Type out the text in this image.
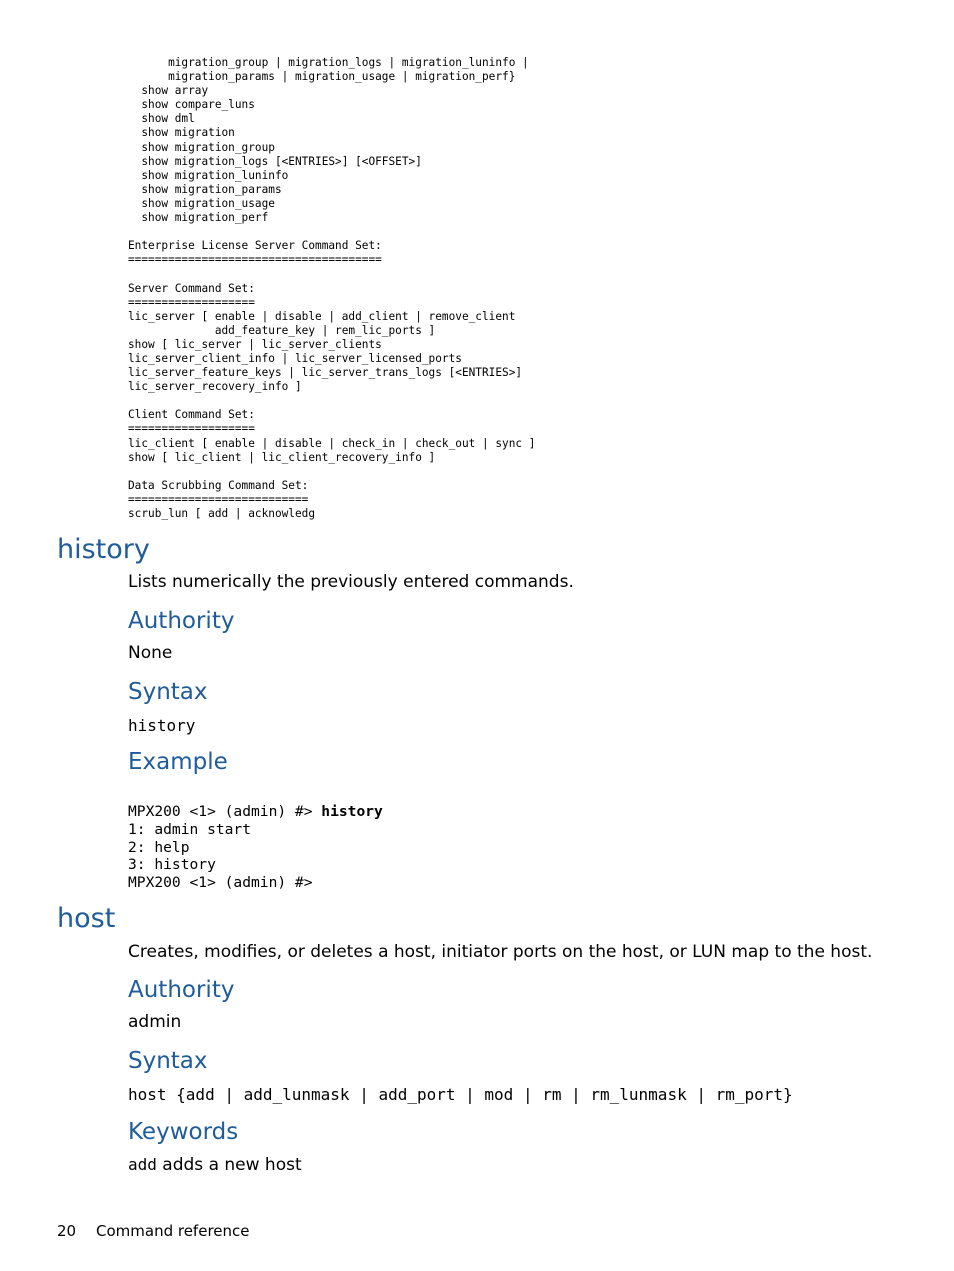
migration_group | migration_logs | migration_luninfo |
migration_params | migration_usage | migration_perf}
show array
show compare_luns
show dml
show migration
show migration_group
show migration_logs [<ENTRIES>] [<OFFSET>]
show migration_luninfo
show migration_params
show migration_usage
show migration_perf

Enterprise License Server Command Set:
======================================

Server Command Set:
===================
lic_server [ enable | disable | add_client | remove_client
add_feature_key | rem_lic_ports ]
show [ lic_server | lic_server_clients
lic_server_client_info | lic_server_licensed_ports
lic_server_feature_keys | lic_server_trans_logs [<ENTRIES>]
lic_server_recovery_info ]

Client Command Set:
===================
lic_client [ enable | disable | check_in | check_out | sync ]
show [ lic_client | lic_client_recovery_info ]

Data Scrubbing Command Set:
===========================
scrub_lun [ add | acknowledg
history

Lists numerically the previously entered commands.

Authority

None

Syntax

history

Example
MPX200 <1> (admin) #> history
1: admin start
2: help
3: history
MPX200 <1> (admin) #>
host

Creates, modifies, or deletes a host, initiator ports on the host, or LUN map to the host.

Authority

admin

Syntax

host {add | add_lunmask | add_port | mod | rm | rm_lunmask | rm_port}

Keywords

add adds a new host

20 Command reference
